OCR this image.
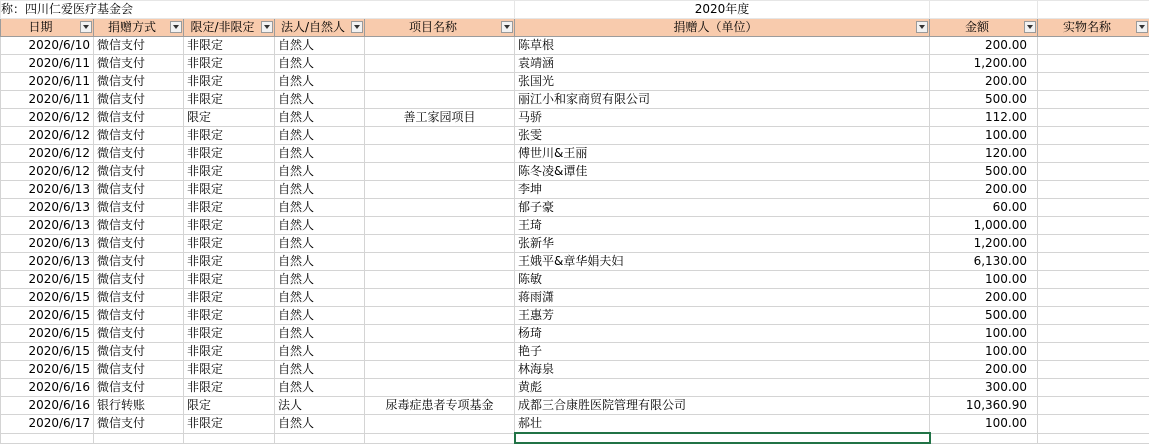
称：四川仁爱医疗基金会					2020年度		
日期	捐赠方式	限定/非限定	法人/自然人	项目名称	捐赠人（单位）	金额	实物名称

2020/6/10	微信支付	非限定	自然人		陈草根	200.00	
2020/6/11	微信支付	非限定	自然人		袁靖涵	1,200.00	
2020/6/11	微信支付	非限定	自然人		张国光	200.00	
2020/6/11	微信支付	非限定	自然人		丽江小和家商贸有限公司	500.00	
2020/6/12	微信支付	限定	自然人	善工家园项目	马骄	112.00	
2020/6/12	微信支付	非限定	自然人		张雯	100.00	
2020/6/12	微信支付	非限定	自然人		傅世川&王丽	120.00	
2020/6/12	微信支付	非限定	自然人		陈冬凌&谭佳	500.00	
2020/6/13	微信支付	非限定	自然人		李坤	200.00	
2020/6/13	微信支付	非限定	自然人		郁子豪	60.00	
2020/6/13	微信支付	非限定	自然人		王琦	1,000.00	
2020/6/13	微信支付	非限定	自然人		张新华	1,200.00	
2020/6/13	微信支付	非限定	自然人		王娥平&章华娟夫妇	6,130.00	
2020/6/15	微信支付	非限定	自然人		陈敏	100.00	
2020/6/15	微信支付	非限定	自然人		蒋雨潇	200.00	
2020/6/15	微信支付	非限定	自然人		王惠芳	500.00	
2020/6/15	微信支付	非限定	自然人		杨琦	100.00	
2020/6/15	微信支付	非限定	自然人		艳子	100.00	
2020/6/15	微信支付	非限定	自然人		林海泉	200.00	
2020/6/16	微信支付	非限定	自然人		黄彪	300.00	
2020/6/16	银行转账	限定	法人	尿毒症患者专项基金	成都三合康胜医院管理有限公司	10,360.90	
2020/6/17	微信支付	非限定	自然人		郝壮	100.00	
